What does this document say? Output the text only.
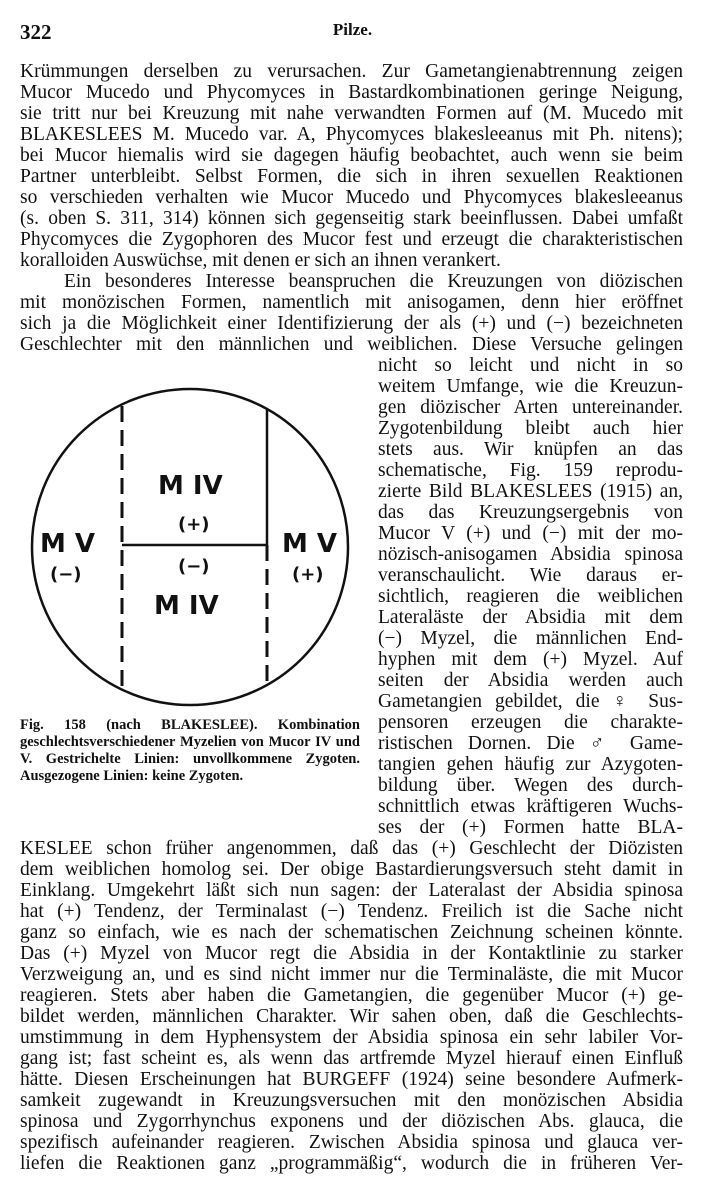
322	Pilze.
Krümmungen derselben zu verursachen. Zur Gametangienabtrennung zeigen
Mucor Mucedo und Phycomyces in Bastardkombinationen geringe Neigung,
sie tritt nur bei Kreuzung mit nahe verwandten Formen auf (M. Mucedo mit
BLAKESLEES M. Mucedo var. A, Phycomyces blakesleeanus mit Ph. nitens);
bei Mucor hiemalis wird sie dagegen häufig beobachtet, auch wenn sie beim
Partner unterbleibt. Selbst Formen, die sich in ihren sexuellen Reaktionen
so verschieden verhalten wie Mucor Mucedo und Phycomyces blakesleeanus
(s. oben S. 311, 314) können sich gegenseitig stark beeinflussen. Dabei umfaßt
Phycomyces die Zygophoren des Mucor fest und erzeugt die charakteristischen
koralloiden Auswüchse, mit denen er sich an ihnen verankert.
Ein besonderes Interesse beanspruchen die Kreuzungen von diözischen
mit monözischen Formen, namentlich mit anisogamen, denn hier eröffnet
sich ja die Möglichkeit einer Identifizierung der als (+) und (−) bezeichneten
Geschlechter mit den männlichen und weiblichen. Diese Versuche gelingen
M V
(−)
M IV
(+)
(−)
M IV
M V
(+)
Fig. 158 (nach BLAKESLEE). Kombination geschlechtsverschiedener Myzelien von Mucor IV und V. Gestrichelte Linien: unvollkommene Zygoten. Ausgezogene Linien: keine Zygoten.
nicht so leicht und nicht in so
weitem Umfange, wie die Kreuzun-
gen diözischer Arten untereinander.
Zygotenbildung bleibt auch hier
stets aus. Wir knüpfen an das
schematische, Fig. 159 reprodu-
zierte Bild BLAKESLEES (1915) an,
das das Kreuzungsergebnis von
Mucor V (+) und (−) mit der mo-
nözisch-anisogamen Absidia spinosa
veranschaulicht. Wie daraus er-
sichtlich, reagieren die weiblichen
Lateraläste der Absidia mit dem
(−) Myzel, die männlichen End-
hyphen mit dem (+) Myzel. Auf
seiten der Absidia werden auch
Gametangien gebildet, die ♀ Sus-
pensoren erzeugen die charakte-
ristischen Dornen. Die ♂ Game-
tangien gehen häufig zur Azygoten-
bildung über. Wegen des durch-
schnittlich etwas kräftigeren Wuchs-
ses der (+) Formen hatte BLA-
KESLEE schon früher angenommen, daß das (+) Geschlecht der Diözisten
dem weiblichen homolog sei. Der obige Bastardierungsversuch steht damit in
Einklang. Umgekehrt läßt sich nun sagen: der Lateralast der Absidia spinosa
hat (+) Tendenz, der Terminalast (−) Tendenz. Freilich ist die Sache nicht
ganz so einfach, wie es nach der schematischen Zeichnung scheinen könnte.
Das (+) Myzel von Mucor regt die Absidia in der Kontaktlinie zu starker
Verzweigung an, und es sind nicht immer nur die Terminaläste, die mit Mucor
reagieren. Stets aber haben die Gametangien, die gegenüber Mucor (+) ge-
bildet werden, männlichen Charakter. Wir sahen oben, daß die Geschlechts-
umstimmung in dem Hyphensystem der Absidia spinosa ein sehr labiler Vor-
gang ist; fast scheint es, als wenn das artfremde Myzel hierauf einen Einfluß
hätte. Diesen Erscheinungen hat BURGEFF (1924) seine besondere Aufmerk-
samkeit zugewandt in Kreuzungsversuchen mit den monözischen Absidia
spinosa und Zygorrhynchus exponens und der diözischen Abs. glauca, die
spezifisch aufeinander reagieren. Zwischen Absidia spinosa und glauca ver-
liefen die Reaktionen ganz „programmäßig“, wodurch die in früheren Ver-
